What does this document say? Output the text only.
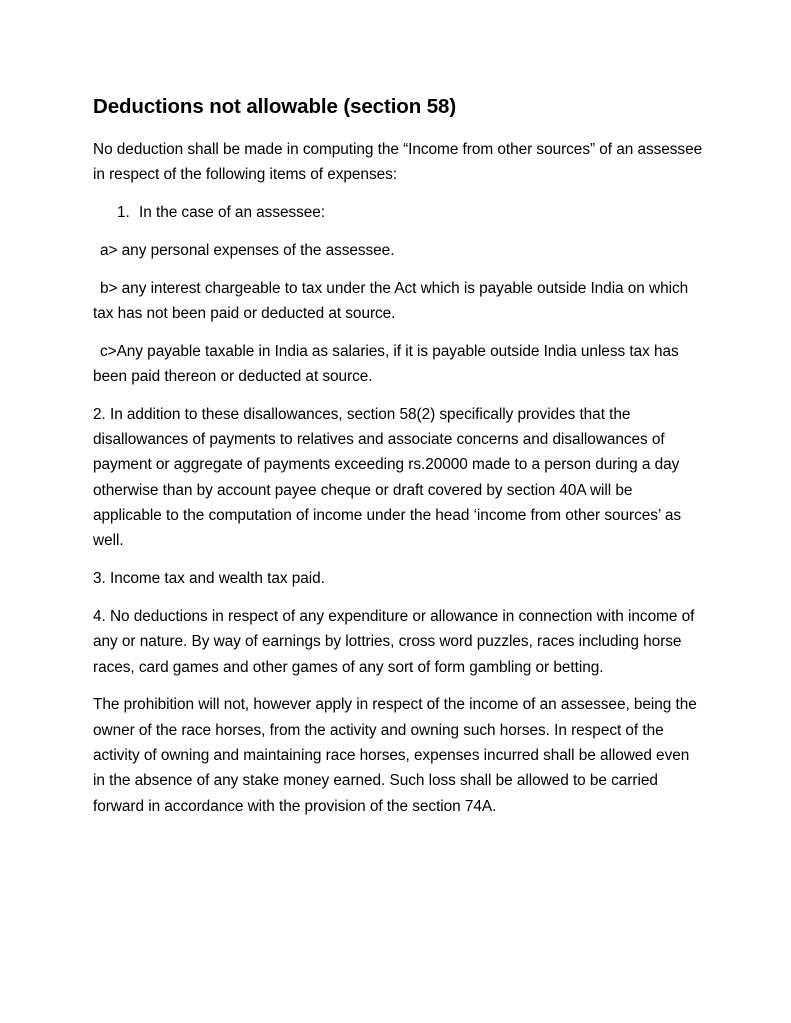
Deductions not allowable (section 58)

No deduction shall be made in computing the “Income from other sources” of an assessee in respect of the following items of expenses:

1. In the case of an assessee:

a> any personal expenses of the assessee.

b> any interest chargeable to tax under the Act which is payable outside India on which tax has not been paid or deducted at source.

c>Any payable taxable in India as salaries, if it is payable outside India unless tax has been paid thereon or deducted at source.

2. In addition to these disallowances, section 58(2) specifically provides that the disallowances of payments to relatives and associate concerns and disallowances of payment or aggregate of payments exceeding rs.20000 made to a person during a day otherwise than by account payee cheque or draft covered by section 40A will be applicable to the computation of income under the head ‘income from other sources’ as well.

3. Income tax and wealth tax paid.

4. No deductions in respect of any expenditure or allowance in connection with income of any or nature. By way of earnings by lottries, cross word puzzles, races including horse races, card games and other games of any sort of form gambling or betting.

The prohibition will not, however apply in respect of the income of an assessee, being the owner of the race horses, from the activity and owning such horses. In respect of the activity of owning and maintaining race horses, expenses incurred shall be allowed even in the absence of any stake money earned. Such loss shall be allowed to be carried forward in accordance with the provision of the section 74A.
